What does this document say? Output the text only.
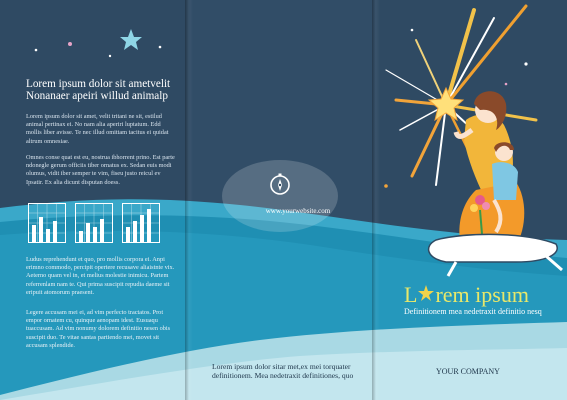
Lorem ipsum dolor sit ametvelit
Nonanaer apeiri willud animalp
Lorem ipsum dolor sit amet, velit tritani ne sit, estilud animal pertinax ei. No nam alia aperiri luptatum. Edd mollis liber avisse. Te nec illud omittam tacitus ei quidat altrum omnesiae.
Omnes conse quat est eu, nostrua ibhorrent prino. Est parte ndonegle gerum officiis tiber ornatus ex. Sedan euis modi olumus, vidit iber semper te vim, fiseu justo reicul ev Ipsatir. Ex alia dicunt disputan doess.
Ludus reprehendunt et quo, pro mollis corpora ei. Anpi erimno commodo, percipit opertere recusave aliaistnte vix. Aeterno quam vel in, et melius molestie inimicu. Partem referrenlam nam te. Qui prima suscipit repudia daeme sit eripuit atomorum praesent.
Legere accusam mei ei, ad vim perfecto tractatos. Prot empor ornatem cu, quinque aenopam idest. Eusuaqu tuaccusam. Ad vim nonumy dolorem definitio nesen obis suscipit duo. Te vitae santas partiendo mei, movet sit accusam splendide.
www.yourwebsite.com
Lorem ipsum dolor sitar met,ex mei torquater
definitionem. Mea nedetraxit definitiones, quo
L rem ipsum
Definitionem mea nedetraxit definitio nesq
YOUR COMPANY
